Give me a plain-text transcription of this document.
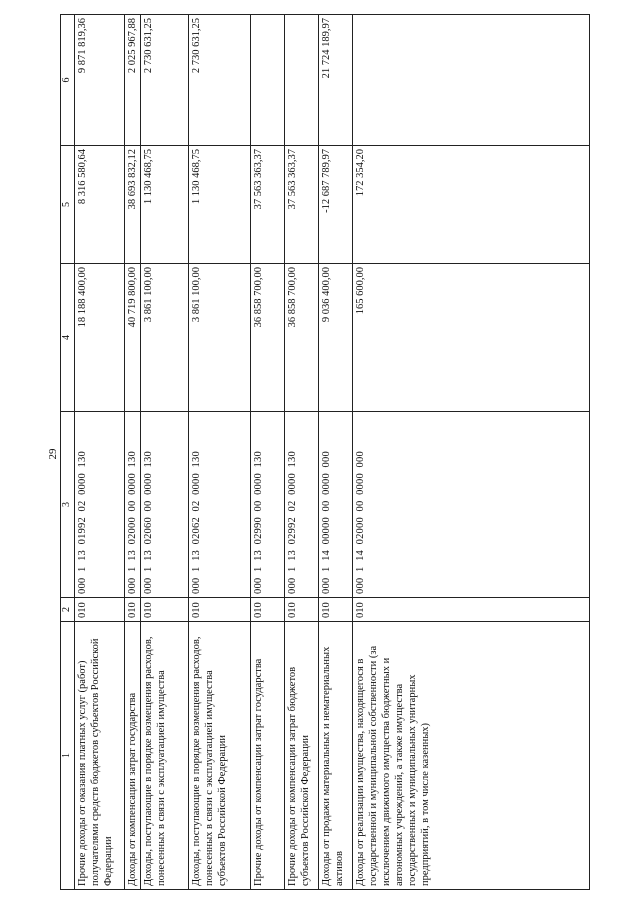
29
1	2	3	4	5	6
Прочие доходы от оказания платных услуг (работ) получателями средств бюджетов субъектов Российской Федерации	010	000  1  13  01992  02  0000  130	18 188 400,00	8 316 580,64	9 871 819,36
Доходы от компенсации затрат государства	010	000  1  13  02000  00  0000  130	40 719 800,00	38 693 832,12	2 025 967,88
Доходы, поступающие в порядке возмещения расходов, понесенных в связи с эксплуатацией имущества	010	000  1  13  02060  00  0000  130	3 861 100,00	1 130 468,75	2 730 631,25
Доходы, поступающие в порядке возмещения расходов, понесенных в связи с эксплуатацией имущества субъектов Российской Федерации	010	000  1  13  02062  02  0000  130	3 861 100,00	1 130 468,75	2 730 631,25
Прочие доходы от компенсации затрат государства	010	000  1  13  02990  00  0000  130	36 858 700,00	37 563 363,37	
Прочие доходы от компенсации затрат бюджетов субъектов Российской Федерации	010	000  1  13  02992  02  0000  130	36 858 700,00	37 563 363,37	
Доходы от продажи материальных и нематериальных активов	010	000  1  14  00000  00  0000  000	9 036 400,00	-12 687 789,97	21 724 189,97
Доходы от реализации имущества, находящегося в государственной и муниципальной собственности (за исключением движимого имущества бюджетных и автономных учреждений, а также имущества государственных и муниципальных унитарных предприятий, в том числе казенных)	010	000  1  14  02000  00  0000  000	165 600,00	172 354,20	
